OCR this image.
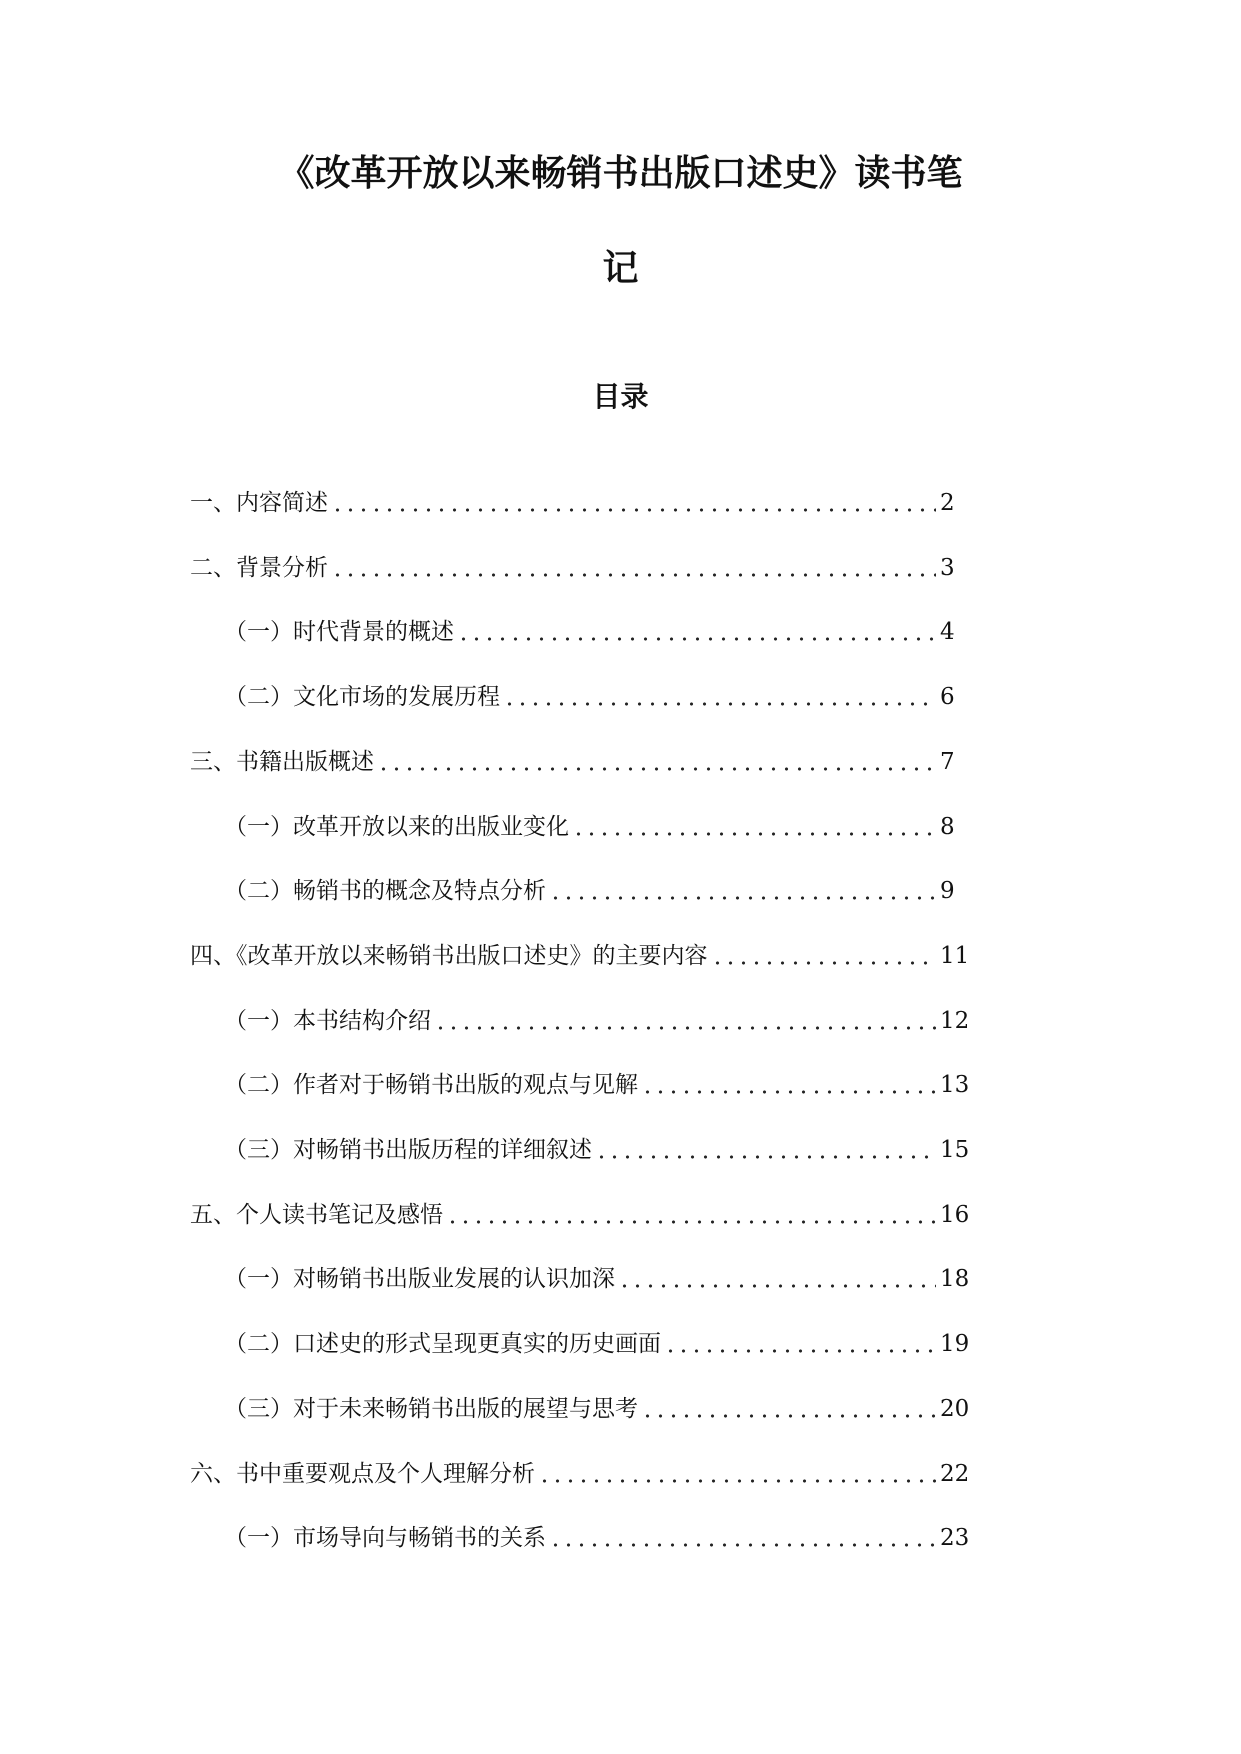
《改革开放以来畅销书出版口述史》读书笔
记
目录
一、内容简述	2
二、背景分析	3
（一）时代背景的概述	4
（二）文化市场的发展历程	6
三、书籍出版概述	7
（一）改革开放以来的出版业变化	8
（二）畅销书的概念及特点分析	9
四、《改革开放以来畅销书出版口述史》的主要内容	11
（一）本书结构介绍	12
（二）作者对于畅销书出版的观点与见解	13
（三）对畅销书出版历程的详细叙述	15
五、个人读书笔记及感悟	16
（一）对畅销书出版业发展的认识加深	18
（二）口述史的形式呈现更真实的历史画面	19
（三）对于未来畅销书出版的展望与思考	20
六、书中重要观点及个人理解分析	22
（一）市场导向与畅销书的关系	23
